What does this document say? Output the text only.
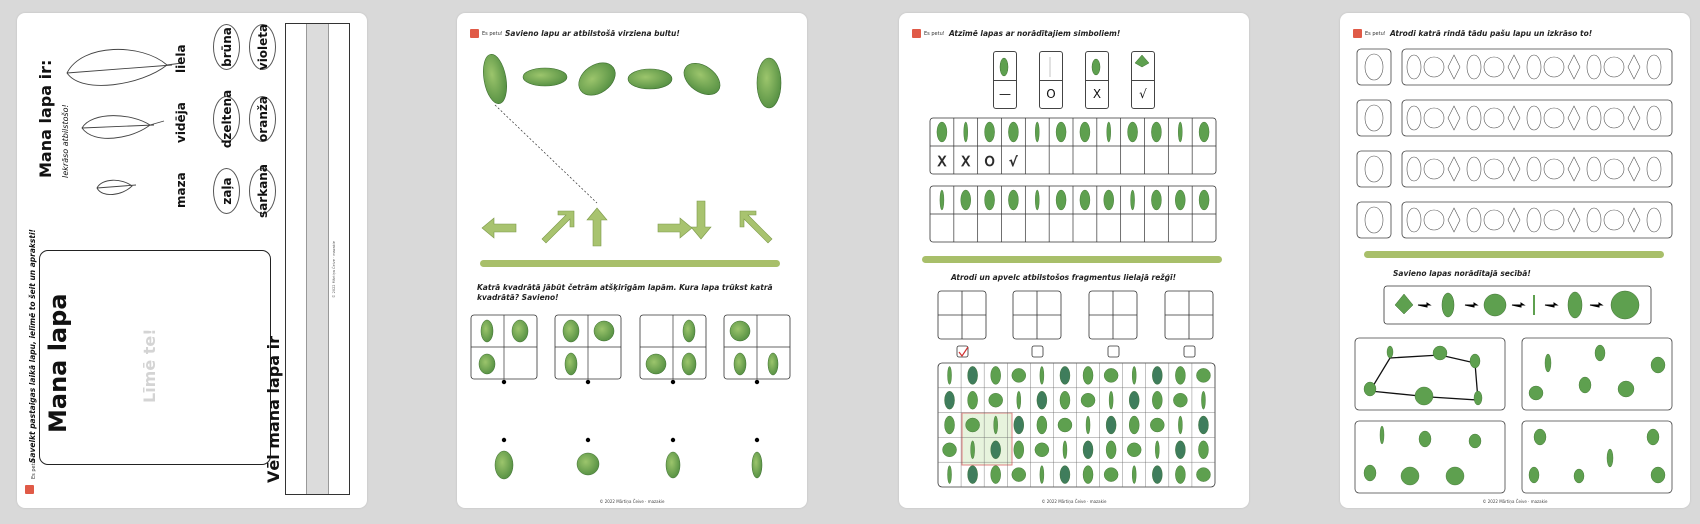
Es petu!
Mana lapa ir: Iekrāso atbilstošo!
liela
vidēja
maza
brūna
dzeltena
zaļa
violeta
oranža
sarkana
Savelkt pastaigas laikā lapu, ielīmē to šeit un apraksti! Mana lapa	Līmē te!	Vēl mana lapa ir
© 2022 Mārtiņa Čeive · mazakie
Es petu! Savieno lapu ar atbilstošā virziena bultu!
Katrā kvadrātā jābūt četrām atšķirīgām lapām. Kura lapa trūkst katrā kvadrātā? Savieno!
© 2022 Mārtiņa Čeive · mazakie
Es petu! Atzīmē lapas ar norādītajiem simboliem!
—	O	X	√
X X O √
Atrodi un apvelc atbilstošos fragmentus lielajā režģī!
© 2022 Mārtiņa Čeive · mazakie
Es petu! Atrodi katrā rindā tādu pašu lapu un izkrāso to!
Savieno lapas norādītajā secībā!
© 2022 Mārtiņa Čeive · mazakie
